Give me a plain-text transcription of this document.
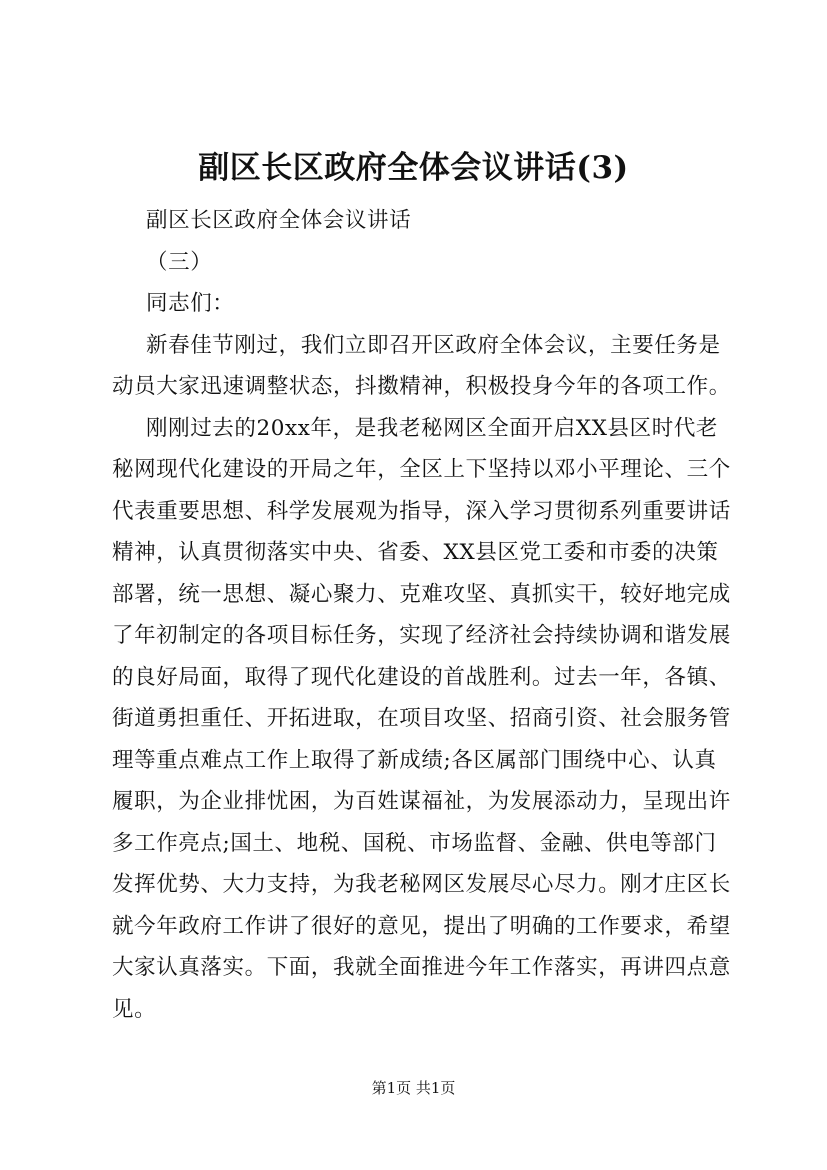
副区长区政府全体会议讲话(3)
副区长区政府全体会议讲话
（三）
同志们：
新春佳节刚过，我们立即召开区政府全体会议，主要任务是
动员大家迅速调整状态，抖擞精神，积极投身今年的各项工作。
刚刚过去的20xx年，是我老秘网区全面开启XX县区时代老
秘网现代化建设的开局之年，全区上下坚持以邓小平理论、三个
代表重要思想、科学发展观为指导，深入学习贯彻系列重要讲话
精神，认真贯彻落实中央、省委、XX县区党工委和市委的决策
部署，统一思想、凝心聚力、克难攻坚、真抓实干，较好地完成
了年初制定的各项目标任务，实现了经济社会持续协调和谐发展
的良好局面，取得了现代化建设的首战胜利。过去一年，各镇、
街道勇担重任、开拓进取，在项目攻坚、招商引资、社会服务管
理等重点难点工作上取得了新成绩;各区属部门围绕中心、认真
履职，为企业排忧困，为百姓谋福祉，为发展添动力，呈现出许
多工作亮点;国土、地税、国税、市场监督、金融、供电等部门
发挥优势、大力支持，为我老秘网区发展尽心尽力。刚才庄区长
就今年政府工作讲了很好的意见，提出了明确的工作要求，希望
大家认真落实。下面，我就全面推进今年工作落实，再讲四点意
见。
第1页 共1页
